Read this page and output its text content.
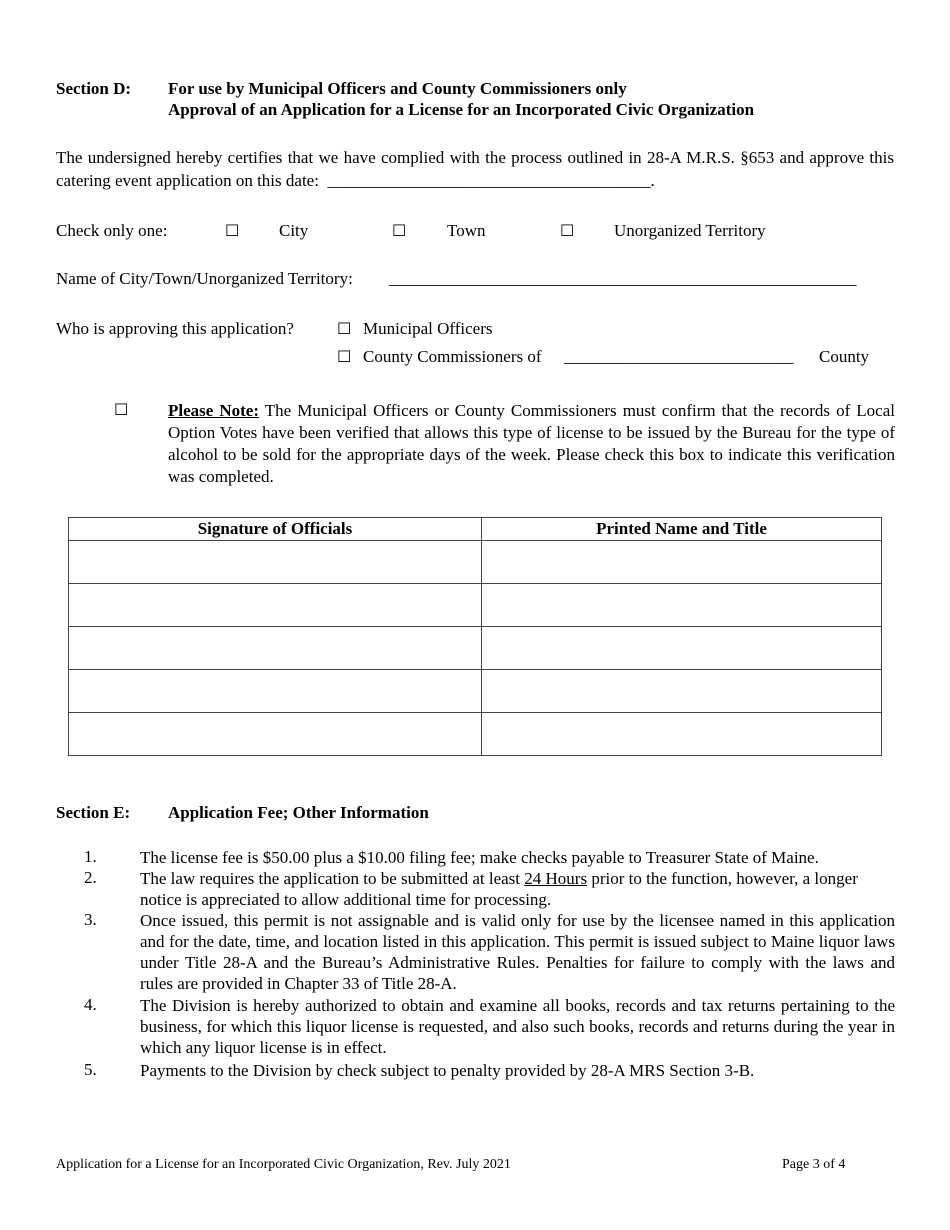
Section D: For use by Municipal Officers and County Commissioners only
Approval of an Application for a License for an Incorporated Civic Organization
The undersigned hereby certifies that we have complied with the process outlined in 28-A M.R.S. §653 and approve this catering event application on this date: ______________________________________.
Check only one:	☐ City	☐ Town	☐ Unorganized Territory
Name of City/Town/Unorganized Territory: _______________________________________________________
Who is approving this application?	☐ Municipal Officers
☐ County Commissioners of ___________________________ County
☐ Please Note: The Municipal Officers or County Commissioners must confirm that the records of Local Option Votes have been verified that allows this type of license to be issued by the Bureau for the type of alcohol to be sold for the appropriate days of the week. Please check this box to indicate this verification was completed.
Signature of Officials	Printed Name and Title

Section E: Application Fee; Other Information
1.	The license fee is $50.00 plus a $10.00 filing fee; make checks payable to Treasurer State of Maine.
2.	The law requires the application to be submitted at least 24 Hours prior to the function, however, a longer notice is appreciated to allow additional time for processing.
3.	Once issued, this permit is not assignable and is valid only for use by the licensee named in this application and for the date, time, and location listed in this application. This permit is issued subject to Maine liquor laws under Title 28-A and the Bureau’s Administrative Rules. Penalties for failure to comply with the laws and rules are provided in Chapter 33 of Title 28-A.
4.	The Division is hereby authorized to obtain and examine all books, records and tax returns pertaining to the business, for which this liquor license is requested, and also such books, records and returns during the year in which any liquor license is in effect.
5.	Payments to the Division by check subject to penalty provided by 28-A MRS Section 3-B.
Application for a License for an Incorporated Civic Organization, Rev. July 2021	Page 3 of 4
